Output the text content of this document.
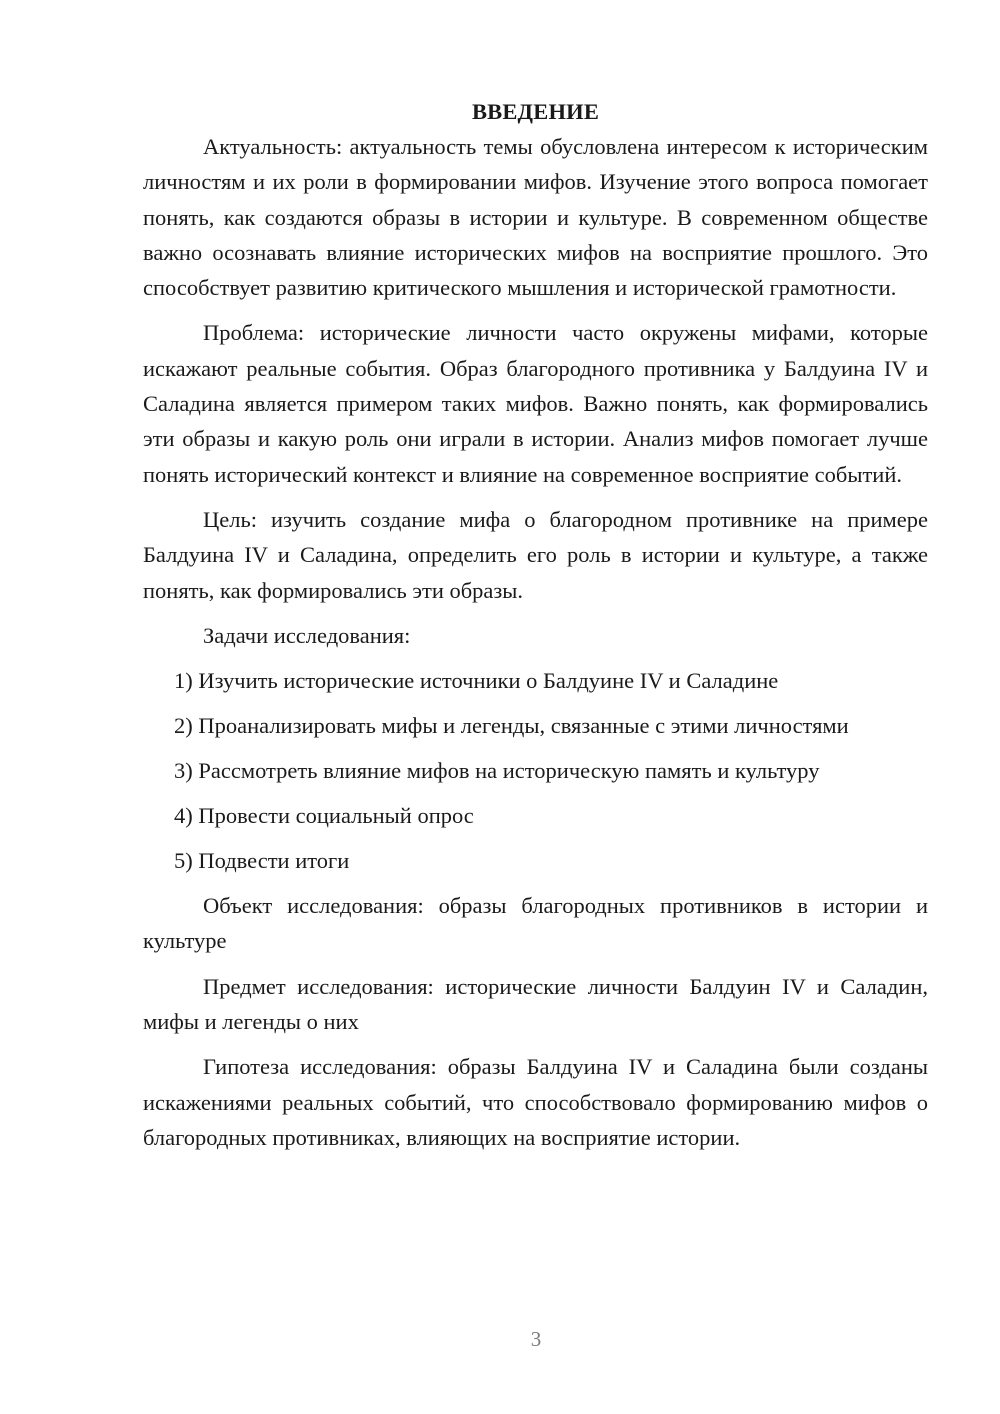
ВВЕДЕНИЕ

Актуальность: актуальность темы обусловлена интересом к историческим личностям и их роли в формировании мифов. Изучение этого вопроса помогает понять, как создаются образы в истории и культуре. В современном обществе важно осознавать влияние исторических мифов на восприятие прошлого. Это способствует развитию критического мышления и исторической грамотности.

Проблема: исторические личности часто окружены мифами, которые искажают реальные события. Образ благородного противника у Балдуина IV и Саладина является примером таких мифов. Важно понять, как формировались эти образы и какую роль они играли в истории. Анализ мифов помогает лучше понять исторический контекст и влияние на современное восприятие событий.

Цель: изучить создание мифа о благородном противнике на примере Балдуина IV и Саладина, определить его роль в истории и культуре, а также понять, как формировались эти образы.

Задачи исследования:

1) Изучить исторические источники о Балдуине IV и Саладине

2) Проанализировать мифы и легенды, связанные с этими личностями

3) Рассмотреть влияние мифов на историческую память и культуру

4) Провести социальный опрос

5) Подвести итоги

Объект исследования: образы благородных противников в истории и культуре

Предмет исследования: исторические личности Балдуин IV и Саладин, мифы и легенды о них

Гипотеза исследования: образы Балдуина IV и Саладина были созданы искажениями реальных событий, что способствовало формированию мифов о благородных противниках, влияющих на восприятие истории.

3
